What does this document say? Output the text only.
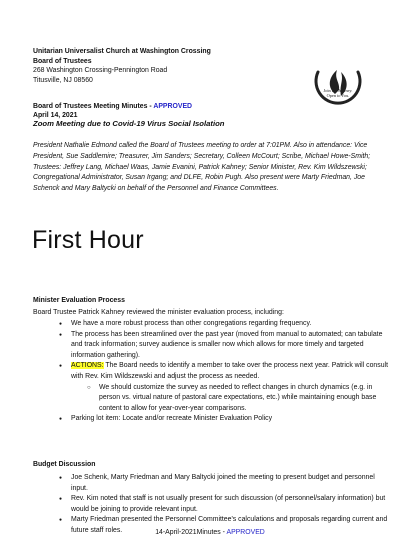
Unitarian Universalist Church at Washington Crossing
Board of Trustees
268 Washington Crossing-Pennington Road
Titusville, NJ 08560
Join the Journey.
Open to You.
Board of Trustees Meeting Minutes - APPROVED
April 14, 2021
Zoom Meeting due to Covid-19 Virus Social Isolation
President Nathalie Edmond called the Board of Trustees meeting to order at 7:01PM. Also in attendance: Vice President, Sue Saddlemire; Treasurer, Jim Sanders; Secretary, Colleen McCourt; Scribe, Michael Howe-Smith; Trustees: Jeffrey Lang, Michael Waas, Jamie Evanini, Patrick Kahney; Senior Minister, Rev. Kim Wildszewski; Congregational Administrator, Susan Irgang; and DLFE, Robin Pugh. Also present were Marty Friedman, Joe Schenck and Mary Baltycki on behalf of the Personnel and Finance Committees.
First Hour
Minister Evaluation Process
Board Trustee Patrick Kahney reviewed the minister evaluation process, including:
● We have a more robust process than other congregations regarding frequency.
● The process has been streamlined over the past year (moved from manual to automated; can tabulate and track information; survey audience is smaller now which allows for more timely and targeted information gathering).
● ACTIONS: The Board needs to identify a member to take over the process next year. Patrick will consult with Rev. Kim Wildszewski and adjust the process as needed.
○ We should customize the survey as needed to reflect changes in church dynamics (e.g. in person vs. virtual nature of pastoral care expectations, etc.) while maintaining enough base content to allow for year-over-year comparisons.
● Parking lot item: Locate and/or recreate Minister Evaluation Policy
Budget Discussion
● Joe Schenk, Marty Friedman and Mary Baltycki joined the meeting to present budget and personnel input.
● Rev. Kim noted that staff is not usually present for such discussion (of personnel/salary information) but would be joining to provide relevant input.
● Marty Friedman presented the Personnel Committee's calculations and proposals regarding current and future staff roles.	14-April-2021Minutes - APPROVED
